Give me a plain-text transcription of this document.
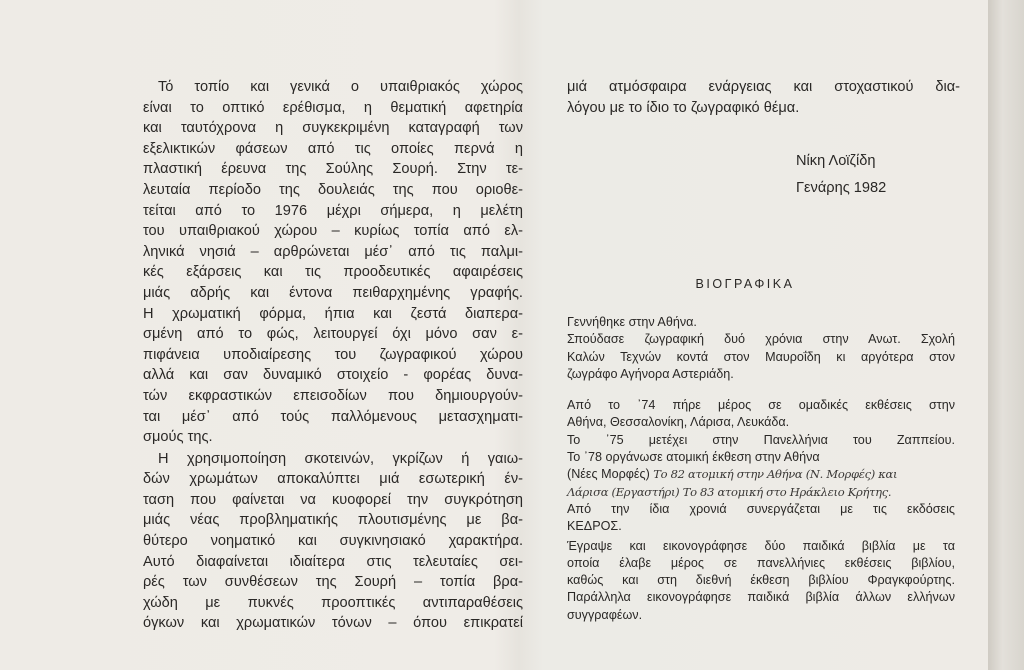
Τό τοπίο και γενικά ο υπαιθριακός χώρος
είναι το οπτικό ερέθισμα, η θεματική αφετηρία
και ταυτόχρονα η συγκεκριμένη καταγραφή των
εξελικτικών φάσεων από τις οποίες περνά η
πλαστική έρευνα της Σούλης Σουρή. Στην τε-
λευταία περίοδο της δουλειάς της που οριοθε-
τείται από το 1976 μέχρι σήμερα, η μελέτη
του υπαιθριακού χώρου – κυρίως τοπία από ελ-
ληνικά νησιά – αρθρώνεται μέσ᾽ από τις παλμι-
κές εξάρσεις και τις προοδευτικές αφαιρέσεις
μιάς αδρής και έντονα πειθαρχημένης γραφής.
Η χρωματική φόρμα, ήπια και ζεστά διαπερα-
σμένη από το φώς, λειτουργεί όχι μόνο σαν ε-
πιφάνεια υποδιαίρεσης του ζωγραφικού χώρου
αλλά και σαν δυναμικό στοιχείο - φορέας δυνα-
τών εκφραστικών επεισοδίων που δημιουργούν-
ται μέσ᾽ από τούς παλλόμενους μετασχηματι-
σμούς της.
Η χρησιμοποίηση σκοτεινών, γκρίζων ή γαιω-
δών χρωμάτων αποκαλύπτει μιά εσωτερική έν-
ταση που φαίνεται να κυοφορεί την συγκρότηση
μιάς νέας προβληματικής πλουτισμένης με βα-
θύτερο νοηματικό και συγκινησιακό χαρακτήρα.
Αυτό διαφαίνεται ιδιαίτερα στις τελευταίες σει-
ρές των συνθέσεων της Σουρή – τοπία βρα-
χώδη με πυκνές προοπτικές αντιπαραθέσεις
όγκων και χρωματικών τόνων – όπου επικρατεί
μιά ατμόσφαιρα ενάργειας και στοχαστικού δια-
λόγου με το ίδιο το ζωγραφικό θέμα.
Νίκη Λοϊζίδη
Γενάρης 1982
ΒΙΟΓΡΑΦΙΚΑ
Γεννήθηκε στην Αθήνα.
Σπούδασε ζωγραφική δυό χρόνια στην Ανωτ. Σχολή
Καλών Τεχνών κοντά στον Μαυροΐδη κι αργότερα στον
ζωγράφο Αγήνορα Αστεριάδη.
Από το ᾽74 πήρε μέρος σε ομαδικές εκθέσεις στην
Αθήνα, Θεσσαλονίκη, Λάρισα, Λευκάδα.
Το ᾽75 μετέχει στην Πανελλήνια του Ζαππείου.
Το ᾽78 οργάνωσε ατομική έκθεση στην Αθήνα
(Νέες Μορφές) Το 82 ατομική στην Αθήνα (Ν. Μορφές) και
Λάρισα (Εργαστήρι) Το 83 ατομική στο Ηράκλειο Κρήτης.
Από την ίδια χρονιά συνεργάζεται με τις εκδόσεις
ΚΕΔΡΟΣ.
Έγραψε και εικονογράφησε δύο παιδικά βιβλία με τα
οποία έλαβε μέρος σε πανελλήνιες εκθέσεις βιβλίου,
καθώς και στη διεθνή έκθεση βιβλίου Φραγκφούρτης.
Παράλληλα εικονογράφησε παιδικά βιβλία άλλων ελλήνων
συγγραφέων.
